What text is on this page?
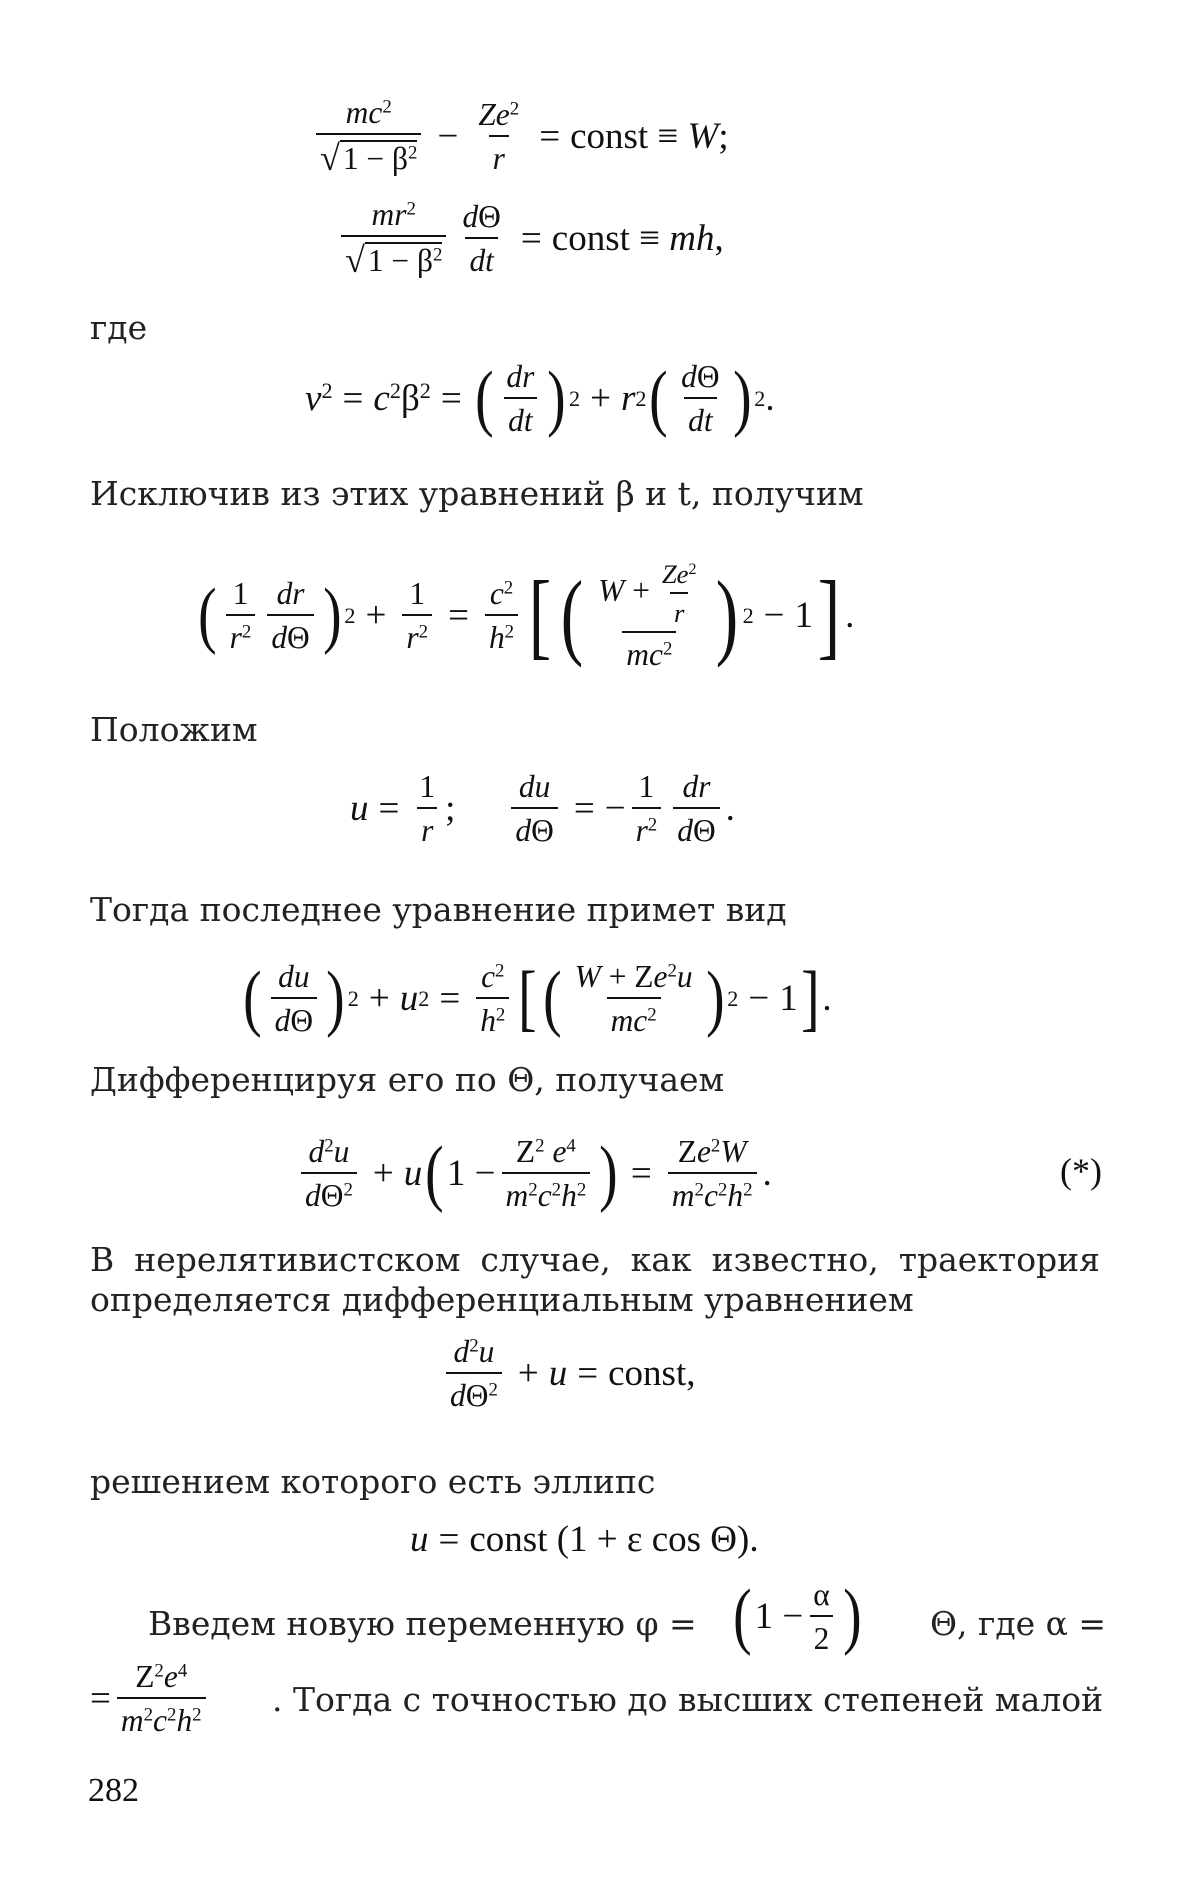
$\frac{mc^2}{√ 1 - \beta^2} - \frac{Ze^2}{r}$ = const ≡ W;
$\frac{mr^2}{√ 1 - \beta^2} \frac{d\Theta}{dt}$ = const ≡ mh,
где
$v^2 = c^2\beta^2$ = ( $\frac{dr}{dt}$ ) 2 + r 2 ( $\frac{d\Theta}{dt}$ ) 2 .
Исключив из этих уравнений β и t, получим
( $\frac{1}{r^2} \frac{dr}{d\Theta}$ ) $2 + \frac{1}{r^2} = \frac{c^2}{h^2}$ [ ( $\frac{W + \frac{Ze^2}{r}}{mc^2}$ ) 2 − 1 ] .
Положим
$u = \frac{1}{r}$ ; $\frac{du}{d\Theta}$ = − $\frac{1}{r^2} \frac{dr}{d\Theta}$ .
Тогда последнее уравнение примет вид
( $\frac{du}{d\Theta}$ ) 2 + u $2 = \frac{c^2}{h^2}$ [ ( $\frac{W + Ze^2u}{mc^2}$ ) 2 − 1 ] .
Дифференцируя его по Θ, получаем
$\frac{d^2u}{d\Theta^2} + u$ ( $1 - \frac{Z^2 e^4}{m^2c^2h^2}$ ) = $\frac{Ze^2W}{m^2c^2h^2}$ .	(*)
В нерелятивистском случае, как известно, траектория
определяется дифференциальным уравнением
$\frac{d^2u}{d\Theta^2} + u$ = const,
решением которого есть эллипс
u = const (1 + ε cos Θ).
Введем новую переменную φ = ( $1 - \frac{\alpha}{2}$ ) Θ, где α =
= $\frac{Z^2e^4}{m^2c^2h^2}$ . Тогда с точностью до высших степеней малой
282
